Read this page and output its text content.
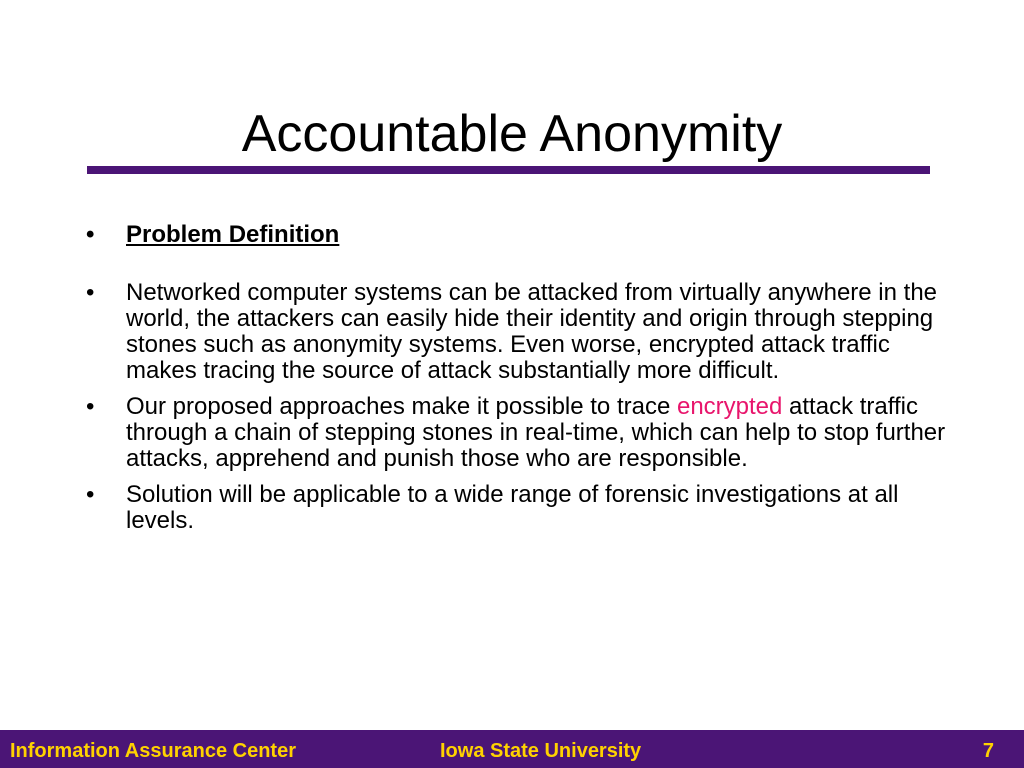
Accountable Anonymity
• Problem Definition
• Networked computer systems can be attacked from virtually anywhere in the world, the attackers can easily hide their identity and origin through stepping stones such as anonymity systems. Even worse, encrypted attack traffic makes tracing the source of attack substantially more difficult.
• Our proposed approaches make it possible to trace encrypted attack traffic through a chain of stepping stones in real-time, which can help to stop further attacks, apprehend and punish those who are responsible.
• Solution will be applicable to a wide range of forensic investigations at all levels.
Information Assurance Center	Iowa State University	7
